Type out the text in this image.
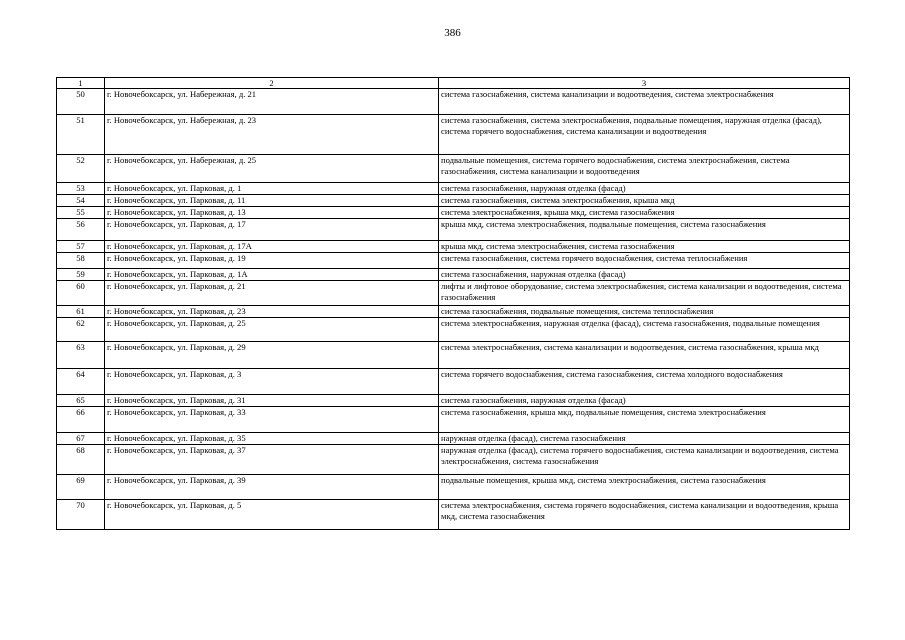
386
1	2	3
50	г. Новочебоксарск, ул. Набережная, д. 21	система газоснабжения, система канализации и водоотведения, система электроснабжения
51	г. Новочебоксарск, ул. Набережная, д. 23	система газоснабжения, система электроснабжения, подвальные помещения, наружная отделка (фасад), система горячего водоснабжения, система канализации и водоотведения
52	г. Новочебоксарск, ул. Набережная, д. 25	подвальные помещения, система горячего водоснабжения, система электроснабжения, система газоснабжения, система канализации и водоотведения
53	г. Новочебоксарск, ул. Парковая, д. 1	система газоснабжения, наружная отделка (фасад)
54	г. Новочебоксарск, ул. Парковая, д. 11	система газоснабжения, система электроснабжения, крыша мкд
55	г. Новочебоксарск, ул. Парковая, д. 13	система электроснабжения, крыша мкд, система газоснабжения
56	г. Новочебоксарск, ул. Парковая, д. 17	крыша мкд, система электроснабжения, подвальные помещения, система газоснабжения
57	г. Новочебоксарск, ул. Парковая, д. 17А	крыша мкд, система электроснабжения, система газоснабжения
58	г. Новочебоксарск, ул. Парковая, д. 19	система газоснабжения, система горячего водоснабжения, система теплоснабжения
59	г. Новочебоксарск, ул. Парковая, д. 1А	система газоснабжения, наружная отделка (фасад)
60	г. Новочебоксарск, ул. Парковая, д. 21	лифты и лифтовое оборудование, система электроснабжения, система канализации и водоотведения, система газоснабжения
61	г. Новочебоксарск, ул. Парковая, д. 23	система газоснабжения, подвальные помещения, система теплоснабжения
62	г. Новочебоксарск, ул. Парковая, д. 25	система электроснабжения, наружная отделка (фасад), система газоснабжения, подвальные помещения
63	г. Новочебоксарск, ул. Парковая, д. 29	система электроснабжения, система канализации и водоотведения, система газоснабжения, крыша мкд
64	г. Новочебоксарск, ул. Парковая, д. 3	система горячего водоснабжения, система газоснабжения, система холодного водоснабжения
65	г. Новочебоксарск, ул. Парковая, д. 31	система газоснабжения, наружная отделка (фасад)
66	г. Новочебоксарск, ул. Парковая, д. 33	система газоснабжения, крыша мкд, подвальные помещения, система электроснабжения
67	г. Новочебоксарск, ул. Парковая, д. 35	наружная отделка (фасад), система газоснабжения
68	г. Новочебоксарск, ул. Парковая, д. 37	наружная отделка (фасад), система горячего водоснабжения, система канализации и водоотведения, система электроснабжения, система газоснабжения
69	г. Новочебоксарск, ул. Парковая, д. 39	подвальные помещения, крыша мкд, система электроснабжения, система газоснабжения
70	г. Новочебоксарск, ул. Парковая, д. 5	система электроснабжения, система горячего водоснабжения, система канализации и водоотведения, крыша мкд, система газоснабжения
